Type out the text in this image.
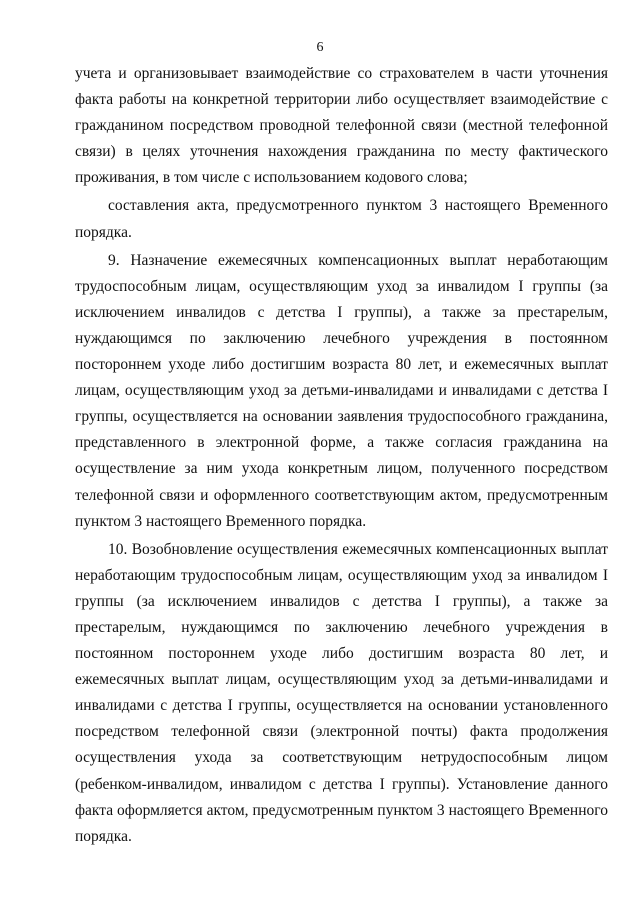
6

учета и организовывает взаимодействие со страхователем в части уточнения факта работы на конкретной территории либо осуществляет взаимодействие с гражданином посредством проводной телефонной связи (местной телефонной связи) в целях уточнения нахождения гражданина по месту фактического проживания, в том числе с использованием кодового слова;

составления акта, предусмотренного пунктом 3 настоящего Временного порядка.

9. Назначение ежемесячных компенсационных выплат неработающим трудоспособным лицам, осуществляющим уход за инвалидом I группы (за исключением инвалидов с детства I группы), а также за престарелым, нуждающимся по заключению лечебного учреждения в постоянном постороннем уходе либо достигшим возраста 80 лет, и ежемесячных выплат лицам, осуществляющим уход за детьми-инвалидами и инвалидами с детства I группы, осуществляется на основании заявления трудоспособного гражданина, представленного в электронной форме, а также согласия гражданина на осуществление за ним ухода конкретным лицом, полученного посредством телефонной связи и оформленного соответствующим актом, предусмотренным пунктом 3 настоящего Временного порядка.

10. Возобновление осуществления ежемесячных компенсационных выплат неработающим трудоспособным лицам, осуществляющим уход за инвалидом I группы (за исключением инвалидов с детства I группы), а также за престарелым, нуждающимся по заключению лечебного учреждения в постоянном постороннем уходе либо достигшим возраста 80 лет, и ежемесячных выплат лицам, осуществляющим уход за детьми-инвалидами и инвалидами с детства I группы, осуществляется на основании установленного посредством телефонной связи (электронной почты) факта продолжения осуществления ухода за соответствующим нетрудоспособным лицом (ребенком-инвалидом, инвалидом с детства I группы). Установление данного факта оформляется актом, предусмотренным пунктом 3 настоящего Временного порядка.
